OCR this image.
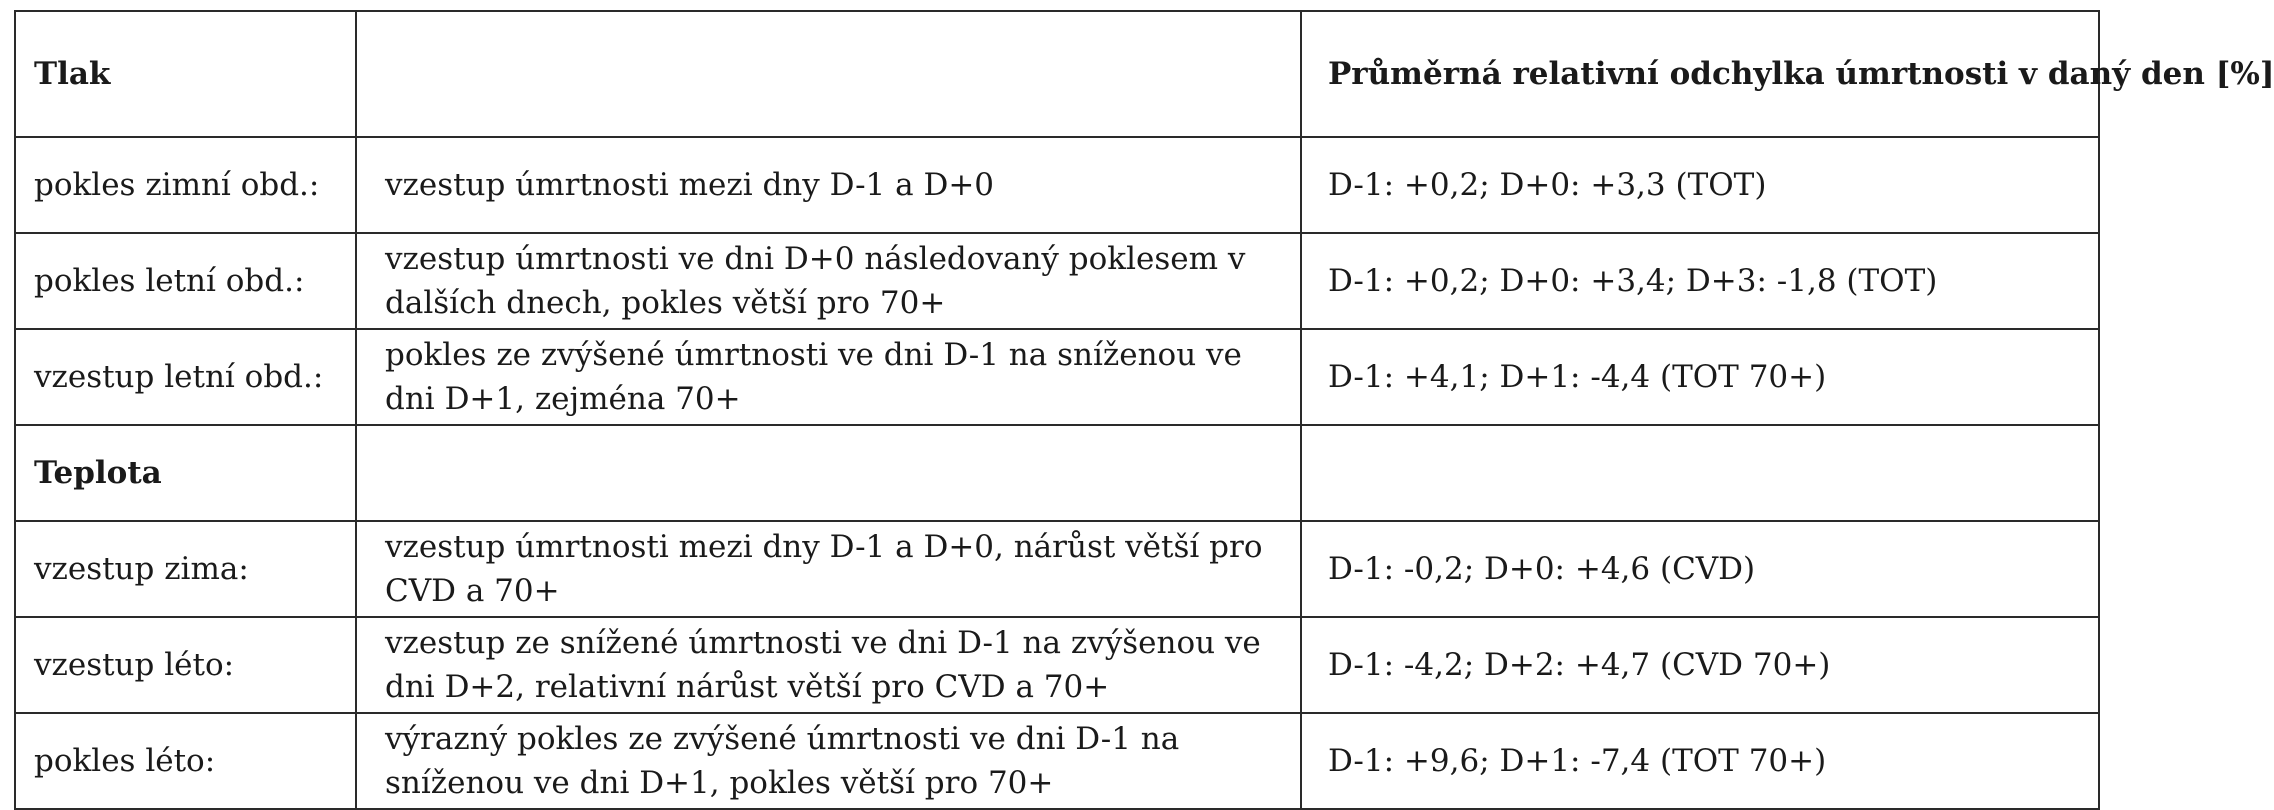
Tlak		Průměrná relativní odchylka úmrtnosti v daný den [%]
pokles zimní obd.:	vzestup úmrtnosti mezi dny D-1 a D+0	D-1: +0,2; D+0: +3,3 (TOT)
pokles letní obd.:	vzestup úmrtnosti ve dni D+0 následovaný poklesem v dalších dnech, pokles větší pro 70+	D-1: +0,2; D+0: +3,4; D+3: -1,8 (TOT)
vzestup letní obd.:	pokles ze zvýšené úmrtnosti ve dni D-1 na sníženou ve dni D+1, zejména 70+	D-1: +4,1; D+1: -4,4 (TOT 70+)
Teplota		
vzestup zima:	vzestup úmrtnosti mezi dny D-1 a D+0, nárůst větší pro CVD a 70+	D-1: -0,2; D+0: +4,6 (CVD)
vzestup léto:	vzestup ze snížené úmrtnosti ve dni D-1 na zvýšenou ve dni D+2, relativní nárůst větší pro CVD a 70+	D-1: -4,2; D+2: +4,7 (CVD 70+)
pokles léto:	výrazný pokles ze zvýšené úmrtnosti ve dni D-1 na sníženou ve dni D+1, pokles větší pro 70+	D-1: +9,6; D+1: -7,4 (TOT 70+)
